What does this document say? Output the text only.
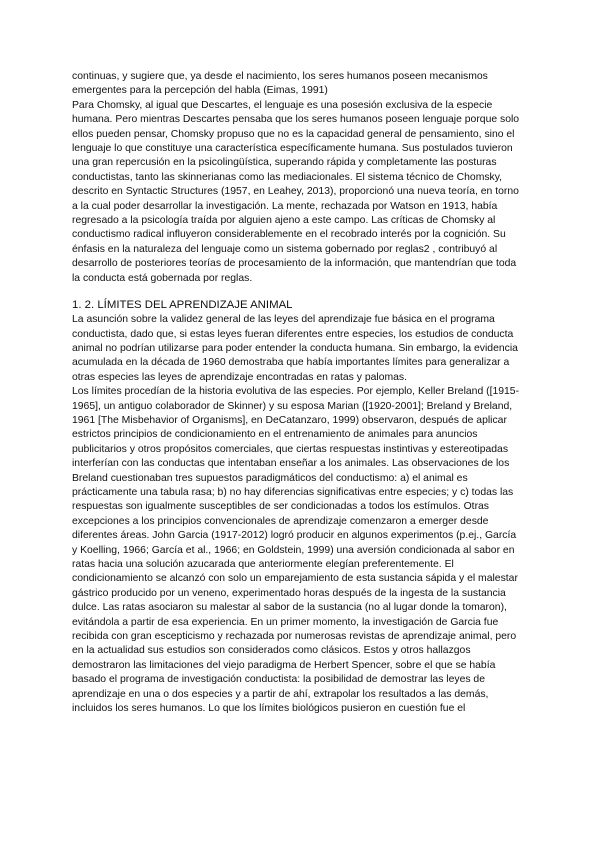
continuas, y sugiere que, ya desde el nacimiento, los seres humanos poseen mecanismos emergentes para la percepción del habla (Eimas, 1991)

Para Chomsky, al igual que Descartes, el lenguaje es una posesión exclusiva de la especie humana. Pero mientras Descartes pensaba que los seres humanos poseen lenguaje porque solo ellos pueden pensar, Chomsky propuso que no es la capacidad general de pensamiento, sino el lenguaje lo que constituye una característica específicamente humana. Sus postulados tuvieron una gran repercusión en la psicolingüística, superando rápida y completamente las posturas conductistas, tanto las skinnerianas como las mediacionales. El sistema técnico de Chomsky, descrito en Syntactic Structures (1957, en Leahey, 2013), proporcionó una nueva teoría, en torno a la cual poder desarrollar la investigación. La mente, rechazada por Watson en 1913, había regresado a la psicología traída por alguien ajeno a este campo. Las críticas de Chomsky al conductismo radical influyeron considerablemente en el recobrado interés por la cognición. Su énfasis en la naturaleza del lenguaje como un sistema gobernado por reglas2 , contribuyó al desarrollo de posteriores teorías de procesamiento de la información, que mantendrían que toda la conducta está gobernada por reglas.

1. 2. LÍMITES DEL APRENDIZAJE ANIMAL

La asunción sobre la validez general de las leyes del aprendizaje fue básica en el programa conductista, dado que, si estas leyes fueran diferentes entre especies, los estudios de conducta animal no podrían utilizarse para poder entender la conducta humana. Sin embargo, la evidencia acumulada en la década de 1960 demostraba que había importantes límites para generalizar a otras especies las leyes de aprendizaje encontradas en ratas y palomas.

Los límites procedían de la historia evolutiva de las especies. Por ejemplo, Keller Breland ([1915-1965], un antiguo colaborador de Skinner) y su esposa Marian ([1920-2001]; Breland y Breland, 1961 [The Misbehavior of Organisms], en DeCatanzaro, 1999) observaron, después de aplicar estrictos principios de condicionamiento en el entrenamiento de animales para anuncios publicitarios y otros propósitos comerciales, que ciertas respuestas instintivas y estereotipadas interferían con las conductas que intentaban enseñar a los animales. Las observaciones de los Breland cuestionaban tres supuestos paradigmáticos del conductismo: a) el animal es prácticamente una tabula rasa; b) no hay diferencias significativas entre especies; y c) todas las respuestas son igualmente susceptibles de ser condicionadas a todos los estímulos. Otras excepciones a los principios convencionales de aprendizaje comenzaron a emerger desde diferentes áreas. John Garcia (1917-2012) logró producir en algunos experimentos (p.ej., García y Koelling, 1966; García et al., 1966; en Goldstein, 1999) una aversión condicionada al sabor en ratas hacia una solución azucarada que anteriormente elegían preferentemente. El condicionamiento se alcanzó con solo un emparejamiento de esta sustancia sápida y el malestar gástrico producido por un veneno, experimentado horas después de la ingesta de la sustancia dulce. Las ratas asociaron su malestar al sabor de la sustancia (no al lugar donde la tomaron), evitándola a partir de esa experiencia. En un primer momento, la investigación de Garcia fue recibida con gran escepticismo y rechazada por numerosas revistas de aprendizaje animal, pero en la actualidad sus estudios son considerados como clásicos. Estos y otros hallazgos demostraron las limitaciones del viejo paradigma de Herbert Spencer, sobre el que se había basado el programa de investigación conductista: la posibilidad de demostrar las leyes de aprendizaje en una o dos especies y a partir de ahí, extrapolar los resultados a las demás, incluidos los seres humanos. Lo que los límites biológicos pusieron en cuestión fue el
